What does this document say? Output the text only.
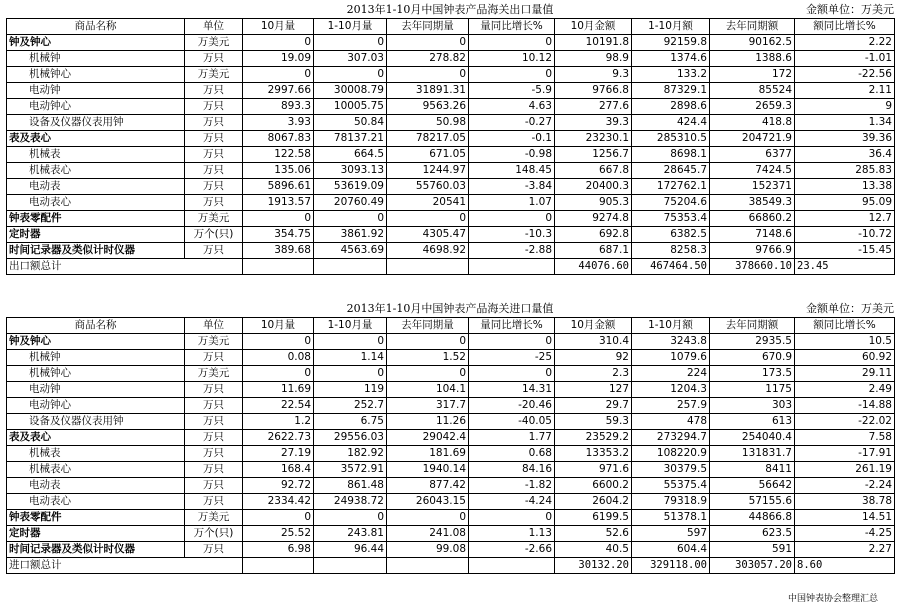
2013年1-10月中国钟表产品海关出口量值	金额单位：万美元
商品名称	单位	10月量	1-10月量	去年同期量	量同比增长%	10月金额	1-10月额	去年同期额	额同比增长%
钟及钟心	万美元	0	0	0	0	10191.8	92159.8	90162.5	2.22
机械钟	万只	19.09	307.03	278.82	10.12	98.9	1374.6	1388.6	-1.01
机械钟心	万美元	0	0	0	0	9.3	133.2	172	-22.56
电动钟	万只	2997.66	30008.79	31891.31	-5.9	9766.8	87329.1	85524	2.11
电动钟心	万只	893.3	10005.75	9563.26	4.63	277.6	2898.6	2659.3	9
设备及仪器仪表用钟	万只	3.93	50.84	50.98	-0.27	39.3	424.4	418.8	1.34
表及表心	万只	8067.83	78137.21	78217.05	-0.1	23230.1	285310.5	204721.9	39.36
机械表	万只	122.58	664.5	671.05	-0.98	1256.7	8698.1	6377	36.4
机械表心	万只	135.06	3093.13	1244.97	148.45	667.8	28645.7	7424.5	285.83
电动表	万只	5896.61	53619.09	55760.03	-3.84	20400.3	172762.1	152371	13.38
电动表心	万只	1913.57	20760.49	20541	1.07	905.3	75204.6	38549.3	95.09
钟表零配件	万美元	0	0	0	0	9274.8	75353.4	66860.2	12.7
定时器	万个(只)	354.75	3861.92	4305.47	-10.3	692.8	6382.5	7148.6	-10.72
时间记录器及类似计时仪器	万只	389.68	4563.69	4698.92	-2.88	687.1	8258.3	9766.9	-15.45
出口额总计						44076.60	467464.50	378660.10	23.45
2013年1-10月中国钟表产品海关进口量值	金额单位：万美元
商品名称	单位	10月量	1-10月量	去年同期量	量同比增长%	10月金额	1-10月额	去年同期额	额同比增长%
钟及钟心	万美元	0	0	0	0	310.4	3243.8	2935.5	10.5
机械钟	万只	0.08	1.14	1.52	-25	92	1079.6	670.9	60.92
机械钟心	万美元	0	0	0	0	2.3	224	173.5	29.11
电动钟	万只	11.69	119	104.1	14.31	127	1204.3	1175	2.49
电动钟心	万只	22.54	252.7	317.7	-20.46	29.7	257.9	303	-14.88
设备及仪器仪表用钟	万只	1.2	6.75	11.26	-40.05	59.3	478	613	-22.02
表及表心	万只	2622.73	29556.03	29042.4	1.77	23529.2	273294.7	254040.4	7.58
机械表	万只	27.19	182.92	181.69	0.68	13353.2	108220.9	131831.7	-17.91
机械表心	万只	168.4	3572.91	1940.14	84.16	971.6	30379.5	8411	261.19
电动表	万只	92.72	861.48	877.42	-1.82	6600.2	55375.4	56642	-2.24
电动表心	万只	2334.42	24938.72	26043.15	-4.24	2604.2	79318.9	57155.6	38.78
钟表零配件	万美元	0	0	0	0	6199.5	51378.1	44866.8	14.51
定时器	万个(只)	25.52	243.81	241.08	1.13	52.6	597	623.5	-4.25
时间记录器及类似计时仪器	万只	6.98	96.44	99.08	-2.66	40.5	604.4	591	2.27
进口额总计						30132.20	329118.00	303057.20	8.60
中国钟表协会整理汇总
